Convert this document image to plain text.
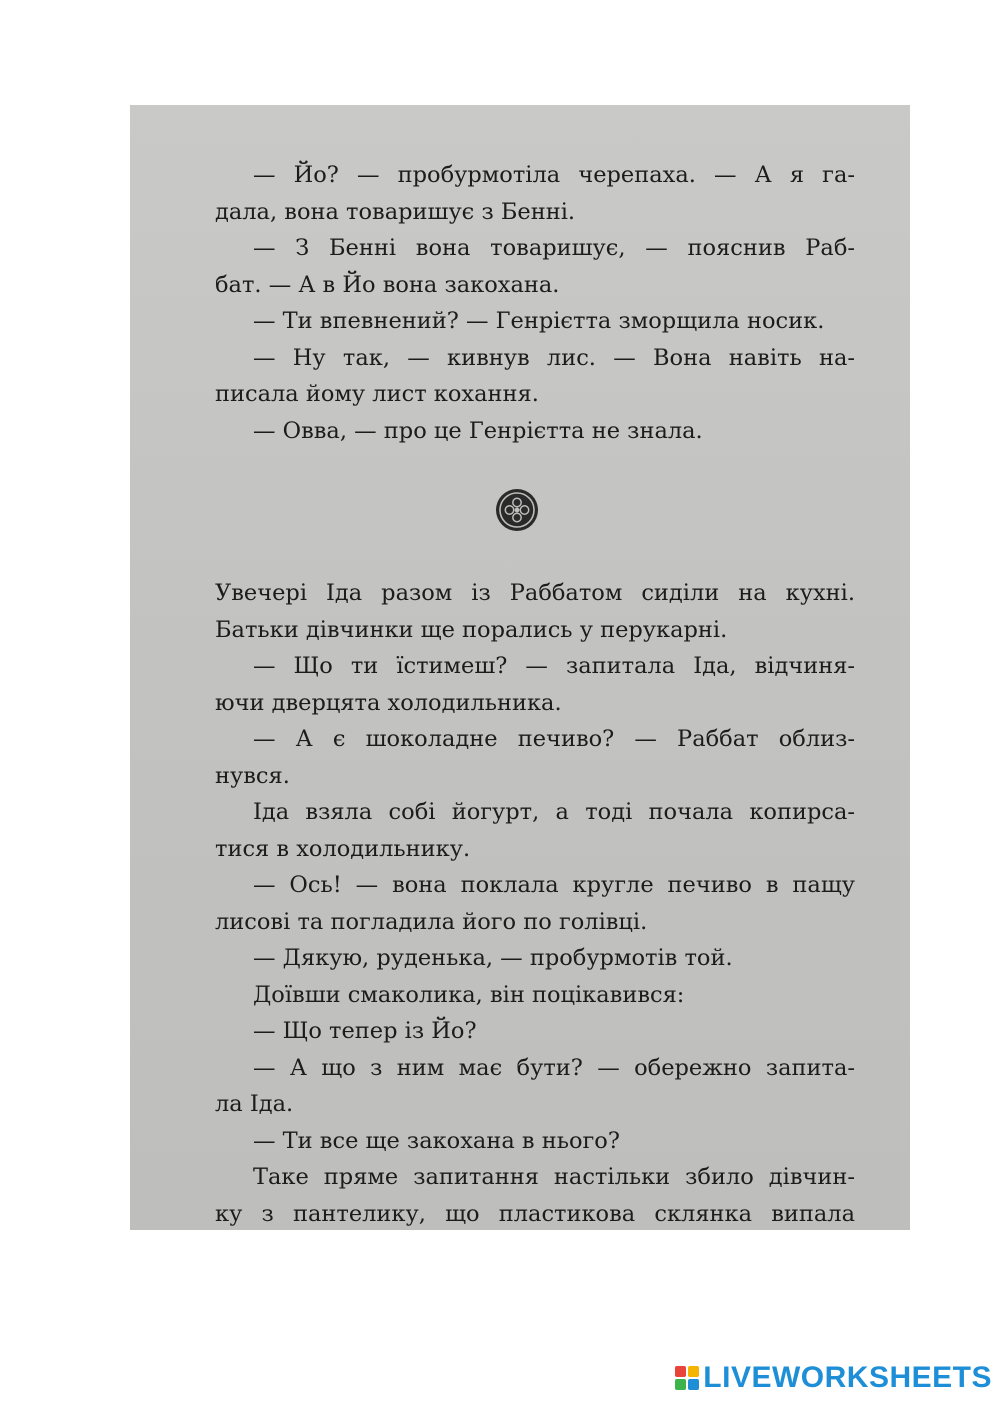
— Йо? — пробурмотіла черепаха. — А я га-
дала, вона товаришує з Бенні.
— З Бенні вона товаришує, — пояснив Раб-
бат. — А в Йо вона закохана.
— Ти впевнений? — Генрієтта зморщила носик.
— Ну так, — кивнув лис. — Вона навіть на-
писала йому лист кохання.
— Овва, — про це Генрієтта не знала.
Увечері Іда разом із Раббатом сиділи на кухні.
Батьки дівчинки ще порались у перукарні.
— Що ти їстимеш? — запитала Іда, відчиня-
ючи дверцята холодильника.
— А є шоколадне печиво? — Раббат облиз-
нувся.
Іда взяла собі йогурт, а тоді почала копирса-
тися в холодильнику.
— Ось! — вона поклала кругле печиво в пащу
лисові та погладила його по голівці.
— Дякую, руденька, — пробурмотів той.
Доївши смаколика, він поцікавився:
— Що тепер із Йо?
— А що з ним має бути? — обережно запита-
ла Іда.
— Ти все ще закохана в нього?
Таке пряме запитання настільки збило дівчин-
ку з пантелику, що пластикова склянка випала
LIVEWORKSHEETS
